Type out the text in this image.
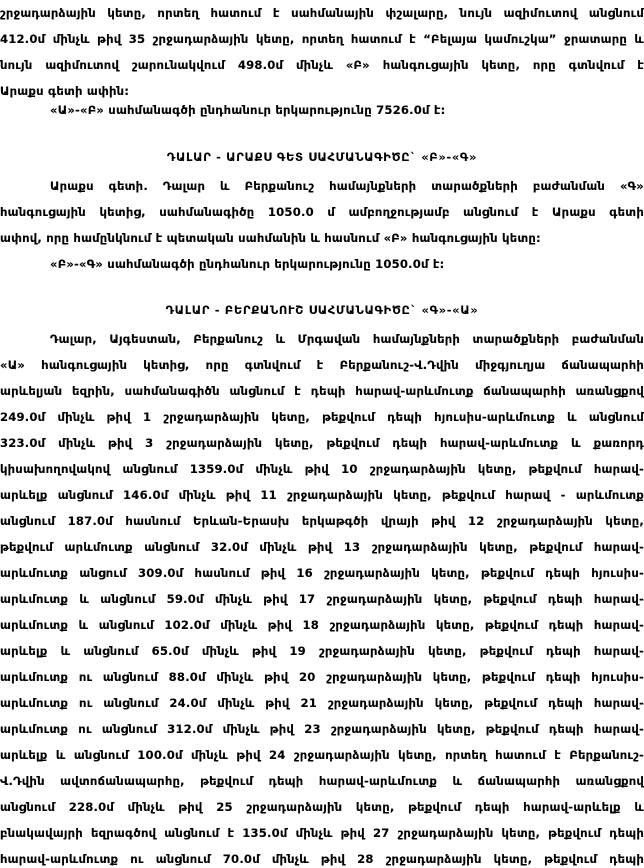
շրջադարձային կետը, որտեղ հատում է սահմանային փշալարը, նույն ազիմուտով անցնում
412.0մ մինչև թիվ 35 շրջադարձային կետը, որտեղ հատում է “Բելայա կամուշկա” ջրատարը և
նույն ազիմուտով շարունակվում 498.0մ մինչև «Բ» հանգուցային կետը, որը գտնվում է
Արաքս գետի ափին:
«Ա»-«Բ» սահմանագծի ընդհանուր երկարությունը 7526.0մ է:
ԴԱԼԱՐ - ԱՐԱՔՍ ԳԵՏ ՍԱՀՄԱՆԱԳԻԾԸ` «Բ»-«Գ»
Արաքս գետի. Դալար և Բերքանուշ համայնքների տարածքների բաժանման «Գ»
հանգուցային կետից, սահմանագիծը 1050.0 մ ամբողջությամբ անցնում է Արաքս գետի
ափով, որը համընկնում է պետական սահմանին և հասնում «Բ» հանգուցային կետը:
«Բ»-«Գ» սահմանագծի ընդհանուր երկարությունը 1050.0մ է:
ԴԱԼԱՐ - ԲԵՐՔԱՆՈՒՇ ՍԱՀՄԱՆԱԳԻԾԸ` «Գ»-«Ա»
Դալար, Այգեստան, Բերքանուշ և Մրգավան համայնքների տարածքների բաժանման
«Ա» հանգուցային կետից, որը գտնվում է Բերքանուշ-Վ.Դվին միջգյուղյա ճանապարհի
արևելյան եզրին, սահմանագիծն անցնում է դեպի հարավ-արևմուտք ճանապարհի առանցքով
249.0մ մինչև թիվ 1 շրջադարձային կետը, թեքվում դեպի հյուսիս-արևմուտք և անցնում
323.0մ մինչև թիվ 3 շրջադարձային կետը, թեքվում դեպի հարավ-արևմուտք և քառորդ
կիսախողովակով անցնում 1359.0մ մինչև թիվ 10 շրջադարձային կետը, թեքվում հարավ-
արևելք անցնում 146.0մ մինչև թիվ 11 շրջադարձային կետը, թեքվում հարավ - արևմուտք
անցնում 187.0մ հասնում Երևան-Երասխ երկաթգծի վրայի թիվ 12 շրջադարձային կետը,
թեքվում արևմուտք անցնում 32.0մ մինչև թիվ 13 շրջադարձային կետը, թեքվում հարավ-
արևմուտք անցում 309.0մ հասնում թիվ 16 շրջադարձային կետը, թեքվում դեպի հյուսիս-
արևմուտք և անցնում 59.0մ մինչև թիվ 17 շրջադարձային կետը, թեքվում դեպի հարավ-
արևմուտք և անցնում 102.0մ մինչև թիվ 18 շրջադարձային կետը, թեքվում դեպի հարավ-
արևելք և անցնում 65.0մ մինչև թիվ 19 շրջադարձային կետը, թեքվում դեպի հարավ-
արևմուտք ու անցնում 88.0մ մինչև թիվ 20 շրջադարձային կետը, թեքվում դեպի հյուսիս-
արևմուտք ու անցնում 24.0մ մինչև թիվ 21 շրջադարձային կետը, թեքվում դեպի հարավ-
արևմուտք ու անցնում 312.0մ մինչև թիվ 23 շրջադարձային կետը, թեքվում դեպի հարավ-
արևելք և անցնում 100.0մ մինչև թիվ 24 շրջադարձային կետը, որտեղ հատում է Բերքանուշ-
Վ.Դվին ավտոճանապարհը, թեքվում դեպի հարավ-արևմուտք և ճանապարհի առանցքով
անցնում 228.0մ մինչև թիվ 25 շրջադարձային կետը, թեքվում դեպի հարավ-արևելք և
բնակավայրի եզրագծով անցնում է 135.0մ մինչև թիվ 27 շրջադարձային կետը, թեքվում դեպի
հարավ-արևմուտք ու անցնում 70.0մ մինչև թիվ 28 շրջադարձային կետը, թեքվում դեպի
